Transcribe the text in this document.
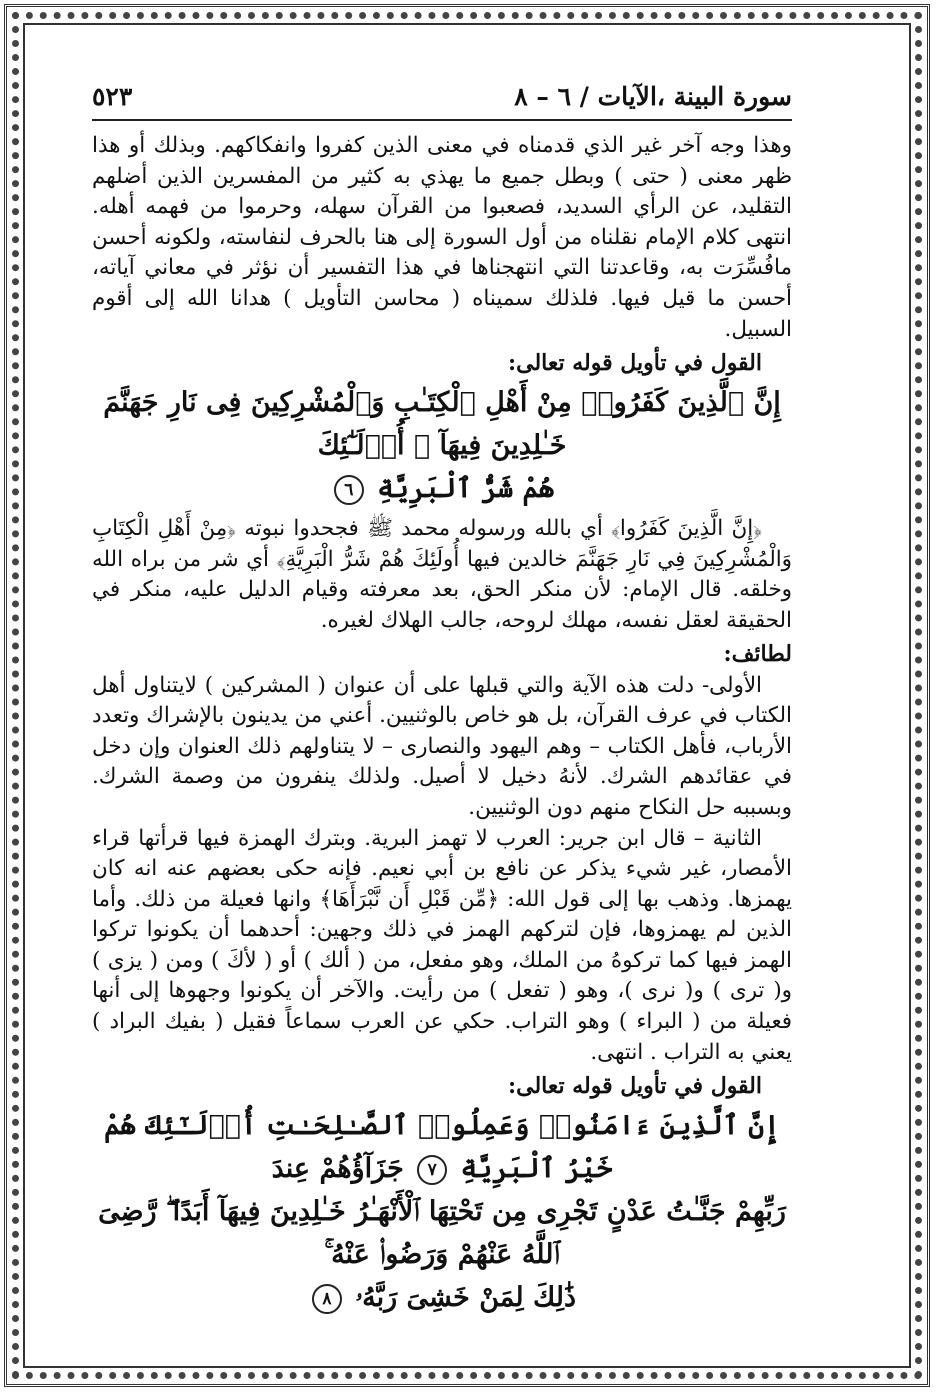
سورة البينة ،الآيات / ٦ – ٨
٥٢٣

وهذا وجه آخر غير الذي قدمناه في معنى الذين كفروا وانفكاكهم. وبذلك أو هذا ظهر معنى ( حتى ) وبطل جميع ما يهذي به كثير من المفسرين الذين أضلهم التقليد، عن الرأي السديد، فصعبوا من القرآن سهله، وحرموا من فهمه أهله. انتهى كلام الإمام نقلناه من أول السورة إلى هنا بالحرف لنفاسته، ولكونه أحسن مافُسِّرَت به، وقاعدتنا التي انتهجناها في هذا التفسير أن نؤثر في معاني آياته، أحسن ما قيل فيها. فلذلك سميناه ( محاسن التأويل ) هدانا الله إلى أقوم السبيل.

القول في تأويل قوله تعالى:
إِنَّ ٱلَّذِينَ كَفَرُوا۟ مِنْ أَهْلِ ٱلْكِتَـٰبِ وَٱلْمُشْرِكِينَ فِى نَارِ جَهَنَّمَ خَـٰلِدِينَ فِيهَآ ۚ أُو۟لَـٰٓئِكَ
هُمْ شَرُّ ٱلْبَرِيَّةِ ٦

﴿إِنَّ الَّذِينَ كَفَرُوا﴾ أي بالله ورسوله محمد ﷺ فجحدوا نبوته ﴿مِنْ أَهْلِ الْكِتَابِ وَالْمُشْرِكِينَ فِي نَارِ جَهَنَّمَ خالدين فيها أُولَئِكَ هُمْ شَرُّ الْبَرِيَّةِ﴾ أي شر من براه الله وخلقه. قال الإمام: لأن منكر الحق، بعد معرفته وقيام الدليل عليه، منكر في الحقيقة لعقل نفسه، مهلك لروحه، جالب الهلاك لغيره.

لطائف:

الأولى- دلت هذه الآية والتي قبلها على أن عنوان ( المشركين ) لايتناول أهل الكتاب في عرف القرآن، بل هو خاص بالوثنيين. أعني من يدينون بالإشراك وتعدد الأرباب، فأهل الكتاب – وهم اليهود والنصارى – لا يتناولهم ذلك العنوان وإن دخل في عقائدهم الشرك. لأنهُ دخيل لا أصيل. ولذلك ينفرون من وصمة الشرك. وبسببه حل النكاح منهم دون الوثنيين.

الثانية – قال ابن جرير: العرب لا تهمز البرية. وبترك الهمزة فيها قرأتها قراء الأمصار، غير شيء يذكر عن نافع بن أبي نعيم. فإنه حكى بعضهم عنه انه كان يهمزها. وذهب بها إلى قول الله: ﴿مِّن قَبْلِ أَن نَّبْرَأَهَا﴾ وانها فعيلة من ذلك. وأما الذين لم يهمزوها، فإن لتركهم الهمز في ذلك وجهين: أحدهما أن يكونوا تركوا الهمز فيها كما تركوهُ من الملك، وهو مفعل، من ( ألك ) أو ( لأكَ ) ومن ( يزى ) و( ترى ) و( نرى )، وهو ( تفعل ) من رأيت. والآخر أن يكونوا وجهوها إلى أنها فعيلة من ( البراء ) وهو التراب. حكي عن العرب سماعاً فقيل ( بفيك البراد ) يعني به التراب . انتهى.

القول في تأويل قوله تعالى:
إِنَّ ٱلَّذِينَ ءَامَنُوا۟ وَعَمِلُوا۟ ٱلصَّـٰلِحَـٰتِ أُو۟لَـٰٓئِكَ هُمْ خَيْرُ ٱلْبَرِيَّةِ ٧ جَزَآؤُهُمْ عِندَ
رَبِّهِمْ جَنَّـٰتُ عَدْنٍ تَجْرِى مِن تَحْتِهَا ٱلْأَنْهَـٰرُ خَـٰلِدِينَ فِيهَآ أَبَدًا ۖ رَّضِىَ ٱللَّهُ عَنْهُمْ وَرَضُوا۟ عَنْهُ ۚ
ذَٰلِكَ لِمَنْ خَشِىَ رَبَّهُۥ ٨
